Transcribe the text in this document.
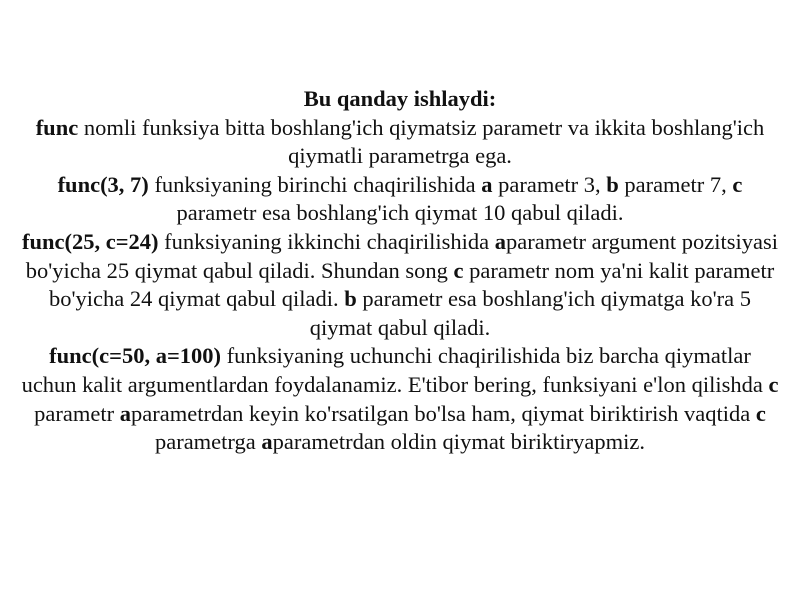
Bu qanday ishlaydi:

func nomli funksiya bitta boshlang'ich qiymatsiz parametr va ikkita boshlang'ich qiymatli parametrga ega.

func(3, 7) funksiyaning birinchi chaqirilishida a parametr 3, b parametr 7, c parametr esa boshlang'ich qiymat 10 qabul qiladi.

func(25, c=24) funksiyaning ikkinchi chaqirilishida aparametr argument pozitsiyasi bo'yicha 25 qiymat qabul qiladi. Shundan song c parametr nom ya'ni kalit parametr bo'yicha 24 qiymat qabul qiladi. b parametr esa boshlang'ich qiymatga ko'ra 5 qiymat qabul qiladi.

func(c=50, a=100) funksiyaning uchunchi chaqirilishida biz barcha qiymatlar uchun kalit argumentlardan foydalanamiz. E'tibor bering, funksiyani e'lon qilishda c parametr aparametrdan keyin ko'rsatilgan bo'lsa ham, qiymat biriktirish vaqtida c parametrga aparametrdan oldin qiymat biriktiryapmiz.
